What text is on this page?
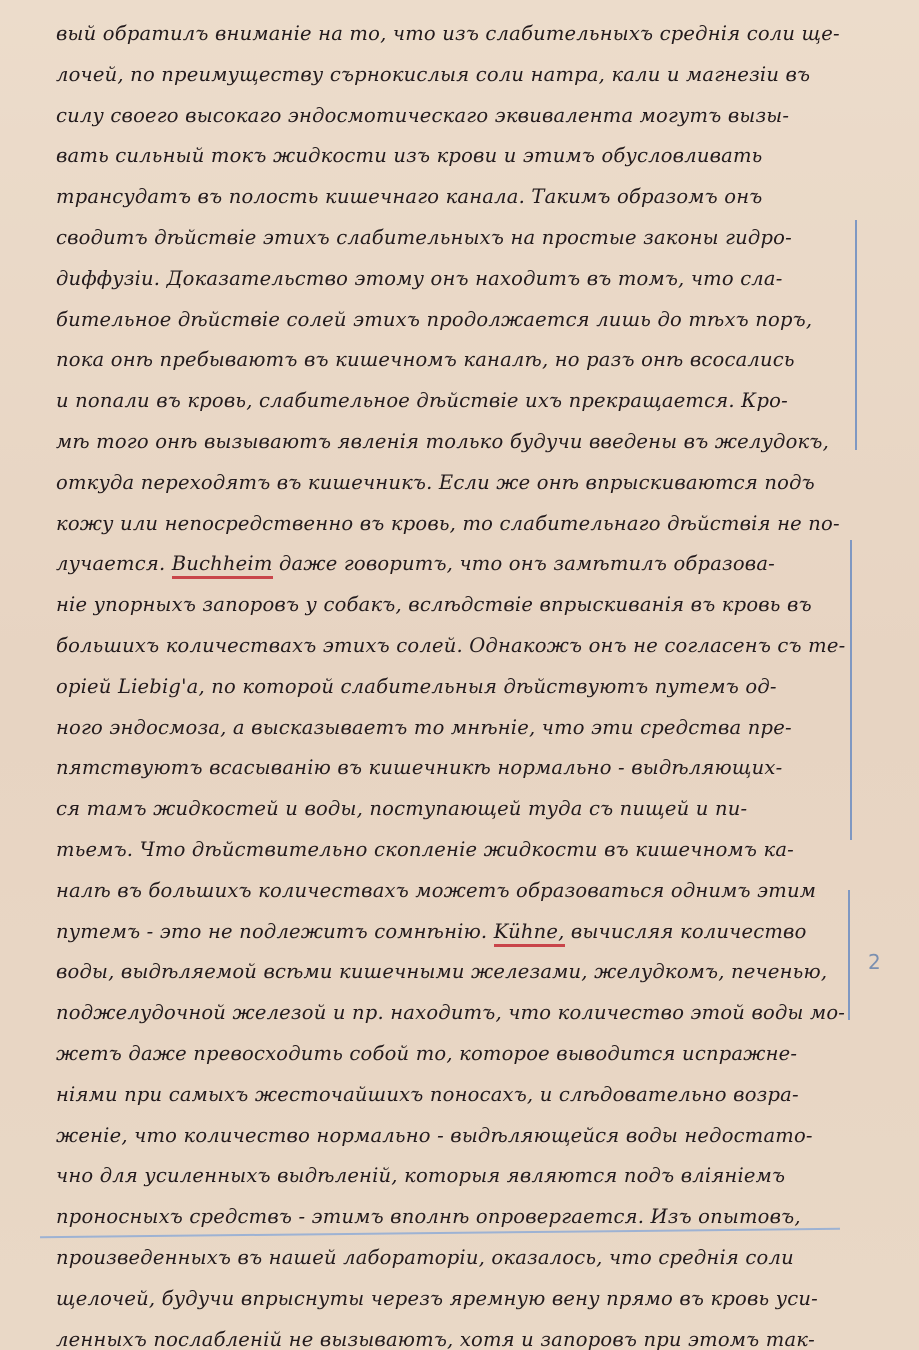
вый обратилъ вниманіе на то, что изъ слабительныхъ среднія соли ще-
лочей, по преимуществу сърнокислыя соли натра, кали и магнезіи въ
силу своего высокаго эндосмотическаго эквивалента могутъ вызы-
вать сильный токъ жидкости изъ крови и этимъ обусловливать
трансудатъ въ полость кишечнаго канала. Такимъ образомъ онъ
сводитъ дѣйствіе этихъ слабительныхъ на простые законы гидро-
диффузіи. Доказательство этому онъ находитъ въ томъ, что сла-
бительное дѣйствіе солей этихъ продолжается лишь до тѣхъ поръ,
пока онѣ пребываютъ въ кишечномъ каналѣ, но разъ онѣ всосались
и попали въ кровь, слабительное дѣйствіе ихъ прекращается. Кро-
мѣ того онѣ вызываютъ явленія только будучи введены въ желудокъ,
откуда переходятъ въ кишечникъ. Если же онѣ впрыскиваются подъ
кожу или непосредственно въ кровь, то слабительнаго дѣйствія не по-
лучается. Buchheim даже говоритъ, что онъ замѣтилъ образова-
ніе упорныхъ запоровъ у собакъ, вслѣдствіе впрыскиванія въ кровь въ
большихъ количествахъ этихъ солей. Однакожъ онъ не согласенъ съ те-
оріей Liebig'а, по которой слабительныя дѣйствуютъ путемъ од-
ного эндосмоза, а высказываетъ то мнѣніе, что эти средства пре-
пятствуютъ всасыванію въ кишечникѣ нормально - выдѣляющих-
ся тамъ жидкостей и воды, поступающей туда съ пищей и пи-
тьемъ. Что дѣйствительно скопленіе жидкости въ кишечномъ ка-
налѣ въ большихъ количествахъ можетъ образоваться однимъ этим
путемъ - это не подлежитъ сомнѣнію. Kühne, вычисляя количество
воды, выдѣляемой всѣми кишечными железами, желудкомъ, печенью,
поджелудочной железой и пр. находитъ, что количество этой воды мо-
жетъ даже превосходить собой то, которое выводится испражне-
ніями при самыхъ жесточайшихъ поносахъ, и слѣдовательно возра-
женіе, что количество нормально - выдѣляющейся воды недостато-
чно для усиленныхъ выдѣленій, которыя являются подъ вліяніемъ
проносныхъ средствъ - этимъ вполнѣ опровергается. Изъ опытовъ,
произведенныхъ въ нашей лабораторіи, оказалось, что среднія соли
щелочей, будучи впрыснуты черезъ яремную вену прямо въ кровь уси-
ленныхъ послабленій не вызываютъ, хотя и запоровъ при этомъ так-
2
